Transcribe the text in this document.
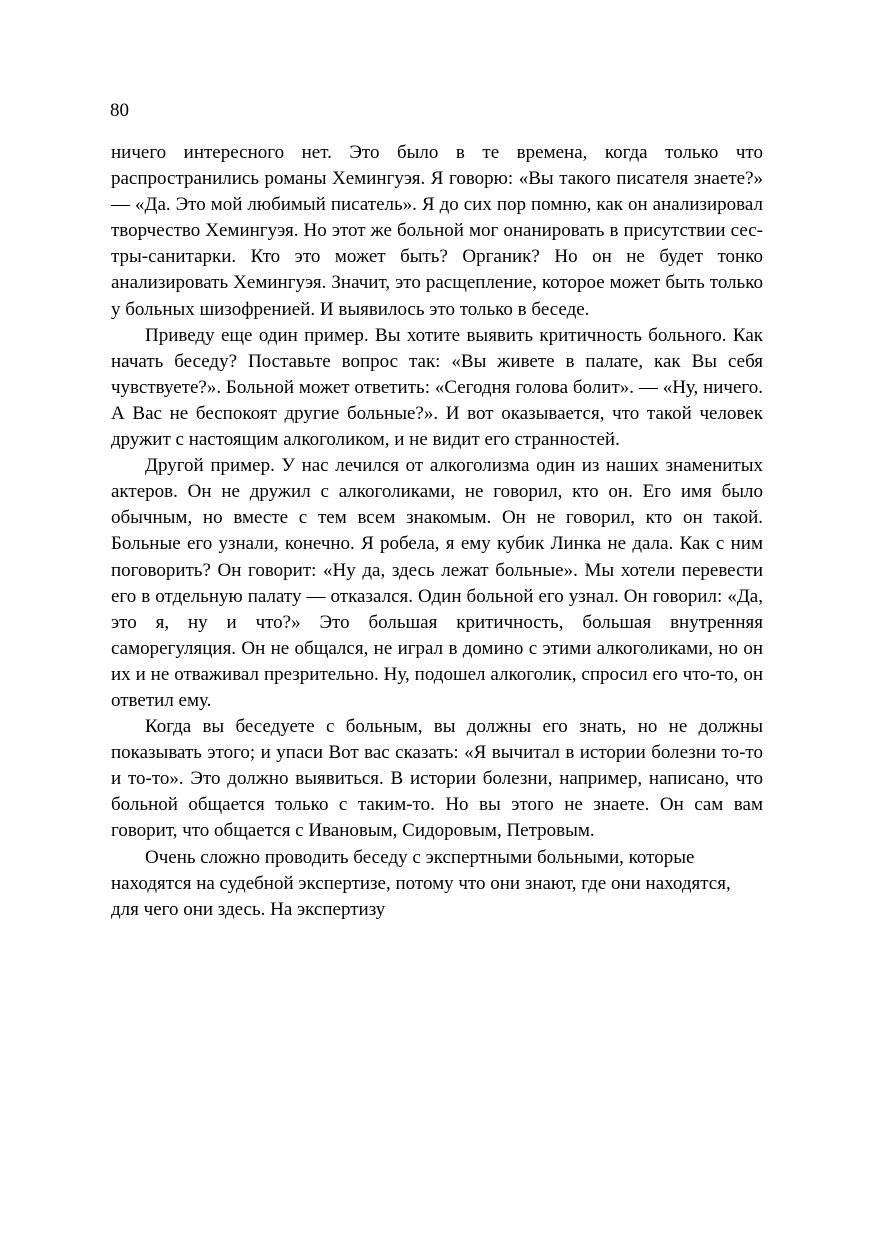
80

ничего интересного нет. Это было в те времена, когда только что распространились романы Хемингуэя. Я говорю: «Вы такого писателя знаете?» — «Да. Это мой любимый писатель». Я до сих пор помню, как он анализировал творчество Хемингуэя. Но этот же больной мог онанировать в присутствии сес- тры-санитарки. Кто это может быть? Органик? Но он не будет тонко анализировать Хемингуэя. Значит, это расщепление, которое может быть только у больных шизофренией. И выявилось это только в беседе.

Приведу еще один пример. Вы хотите выявить критичность больного. Как начать беседу? Поставьте вопрос так: «Вы живете в палате, как Вы себя чувствуете?». Больной может ответить: «Сегодня голова болит». — «Ну, ничего. А Вас не беспокоят другие больные?». И вот оказывается, что такой человек дружит с настоящим алкоголиком, и не видит его странностей.

Другой пример. У нас лечился от алкоголизма один из наших знаменитых актеров. Он не дружил с алкоголиками, не говорил, кто он. Его имя было обычным, но вместе с тем всем знакомым. Он не говорил, кто он такой. Больные его узнали, конечно. Я робела, я ему кубик Линка не дала. Как с ним поговорить? Он говорит: «Ну да, здесь лежат больные». Мы хотели перевести его в отдельную палату — отказался. Один больной его узнал. Он говорил: «Да, это я, ну и что?» Это большая критичность, большая внутренняя саморегуляция. Он не общался, не играл в домино с этими алкоголиками, но он их и не отваживал презрительно. Ну, подошел алкоголик, спросил его что-то, он ответил ему.

Когда вы беседуете с больным, вы должны его знать, но не должны показывать этого; и упаси Вот вас сказать: «Я вычитал в истории болезни то-то и то-то». Это должно выявиться. В истории болезни, например, написано, что больной общается только с таким-то. Но вы этого не знаете. Он сам вам говорит, что общается с Ивановым, Сидоровым, Петровым.

Очень сложно проводить беседу с экспертными больными, которые находятся на судебной экспертизе, потому что они знают, где они находятся, для чего они здесь. На экспертизу
